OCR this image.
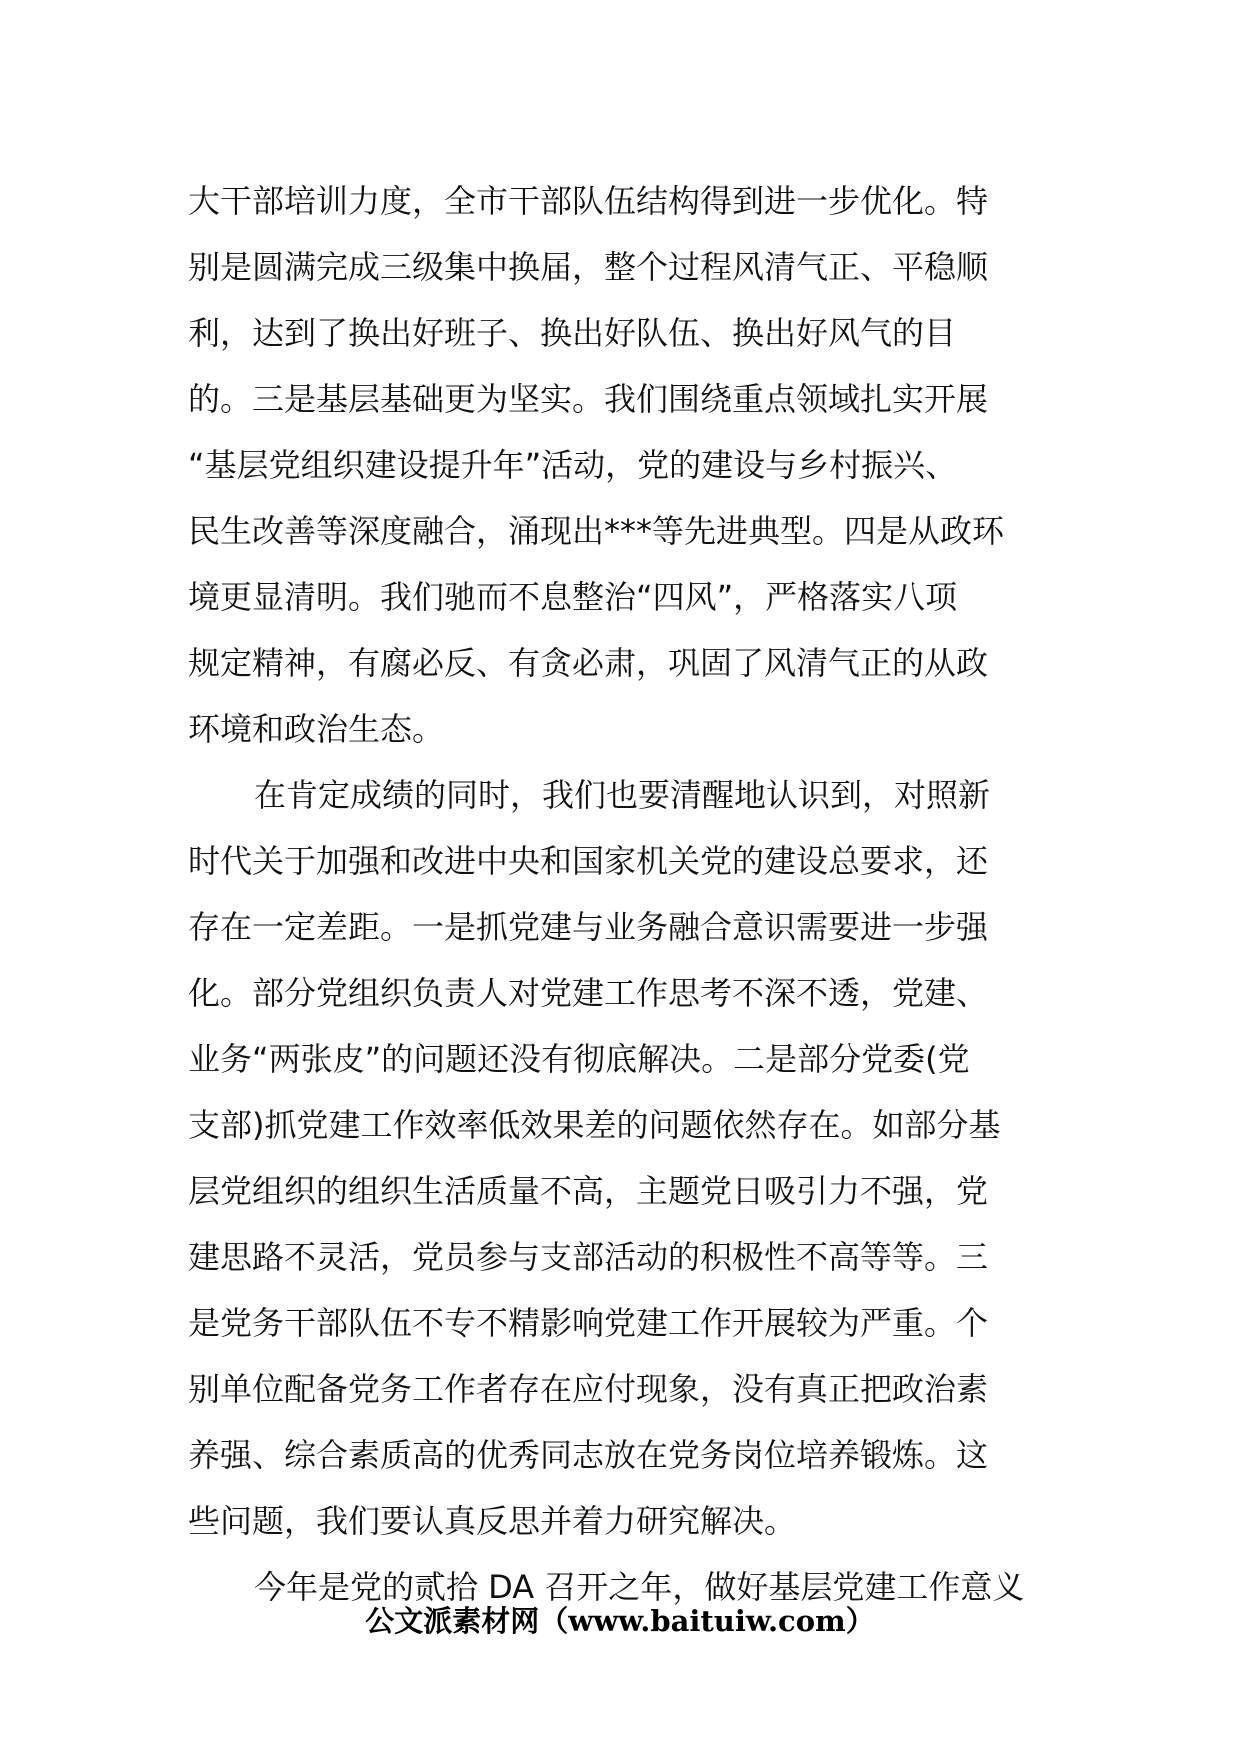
大干部培训力度，全市干部队伍结构得到进一步优化。特
别是圆满完成三级集中换届，整个过程风清气正、平稳顺
利，达到了换出好班子、换出好队伍、换出好风气的目
的。三是基层基础更为坚实。我们围绕重点领域扎实开展
“基层党组织建设提升年”活动，党的建设与乡村振兴、
民生改善等深度融合，涌现出***等先进典型。四是从政环
境更显清明。我们驰而不息整治“四风”，严格落实八项
规定精神，有腐必反、有贪必肃，巩固了风清气正的从政
环境和政治生态。
在肯定成绩的同时，我们也要清醒地认识到，对照新
时代关于加强和改进中央和国家机关党的建设总要求，还
存在一定差距。一是抓党建与业务融合意识需要进一步强
化。部分党组织负责人对党建工作思考不深不透，党建、
业务“两张皮”的问题还没有彻底解决。二是部分党委(党
支部)抓党建工作效率低效果差的问题依然存在。如部分基
层党组织的组织生活质量不高，主题党日吸引力不强，党
建思路不灵活，党员参与支部活动的积极性不高等等。三
是党务干部队伍不专不精影响党建工作开展较为严重。个
别单位配备党务工作者存在应付现象，没有真正把政治素
养强、综合素质高的优秀同志放在党务岗位培养锻炼。这
些问题，我们要认真反思并着力研究解决。
今年是党的贰拾 DA 召开之年，做好基层党建工作意义
公文派素材网（www.baituiw.com）
